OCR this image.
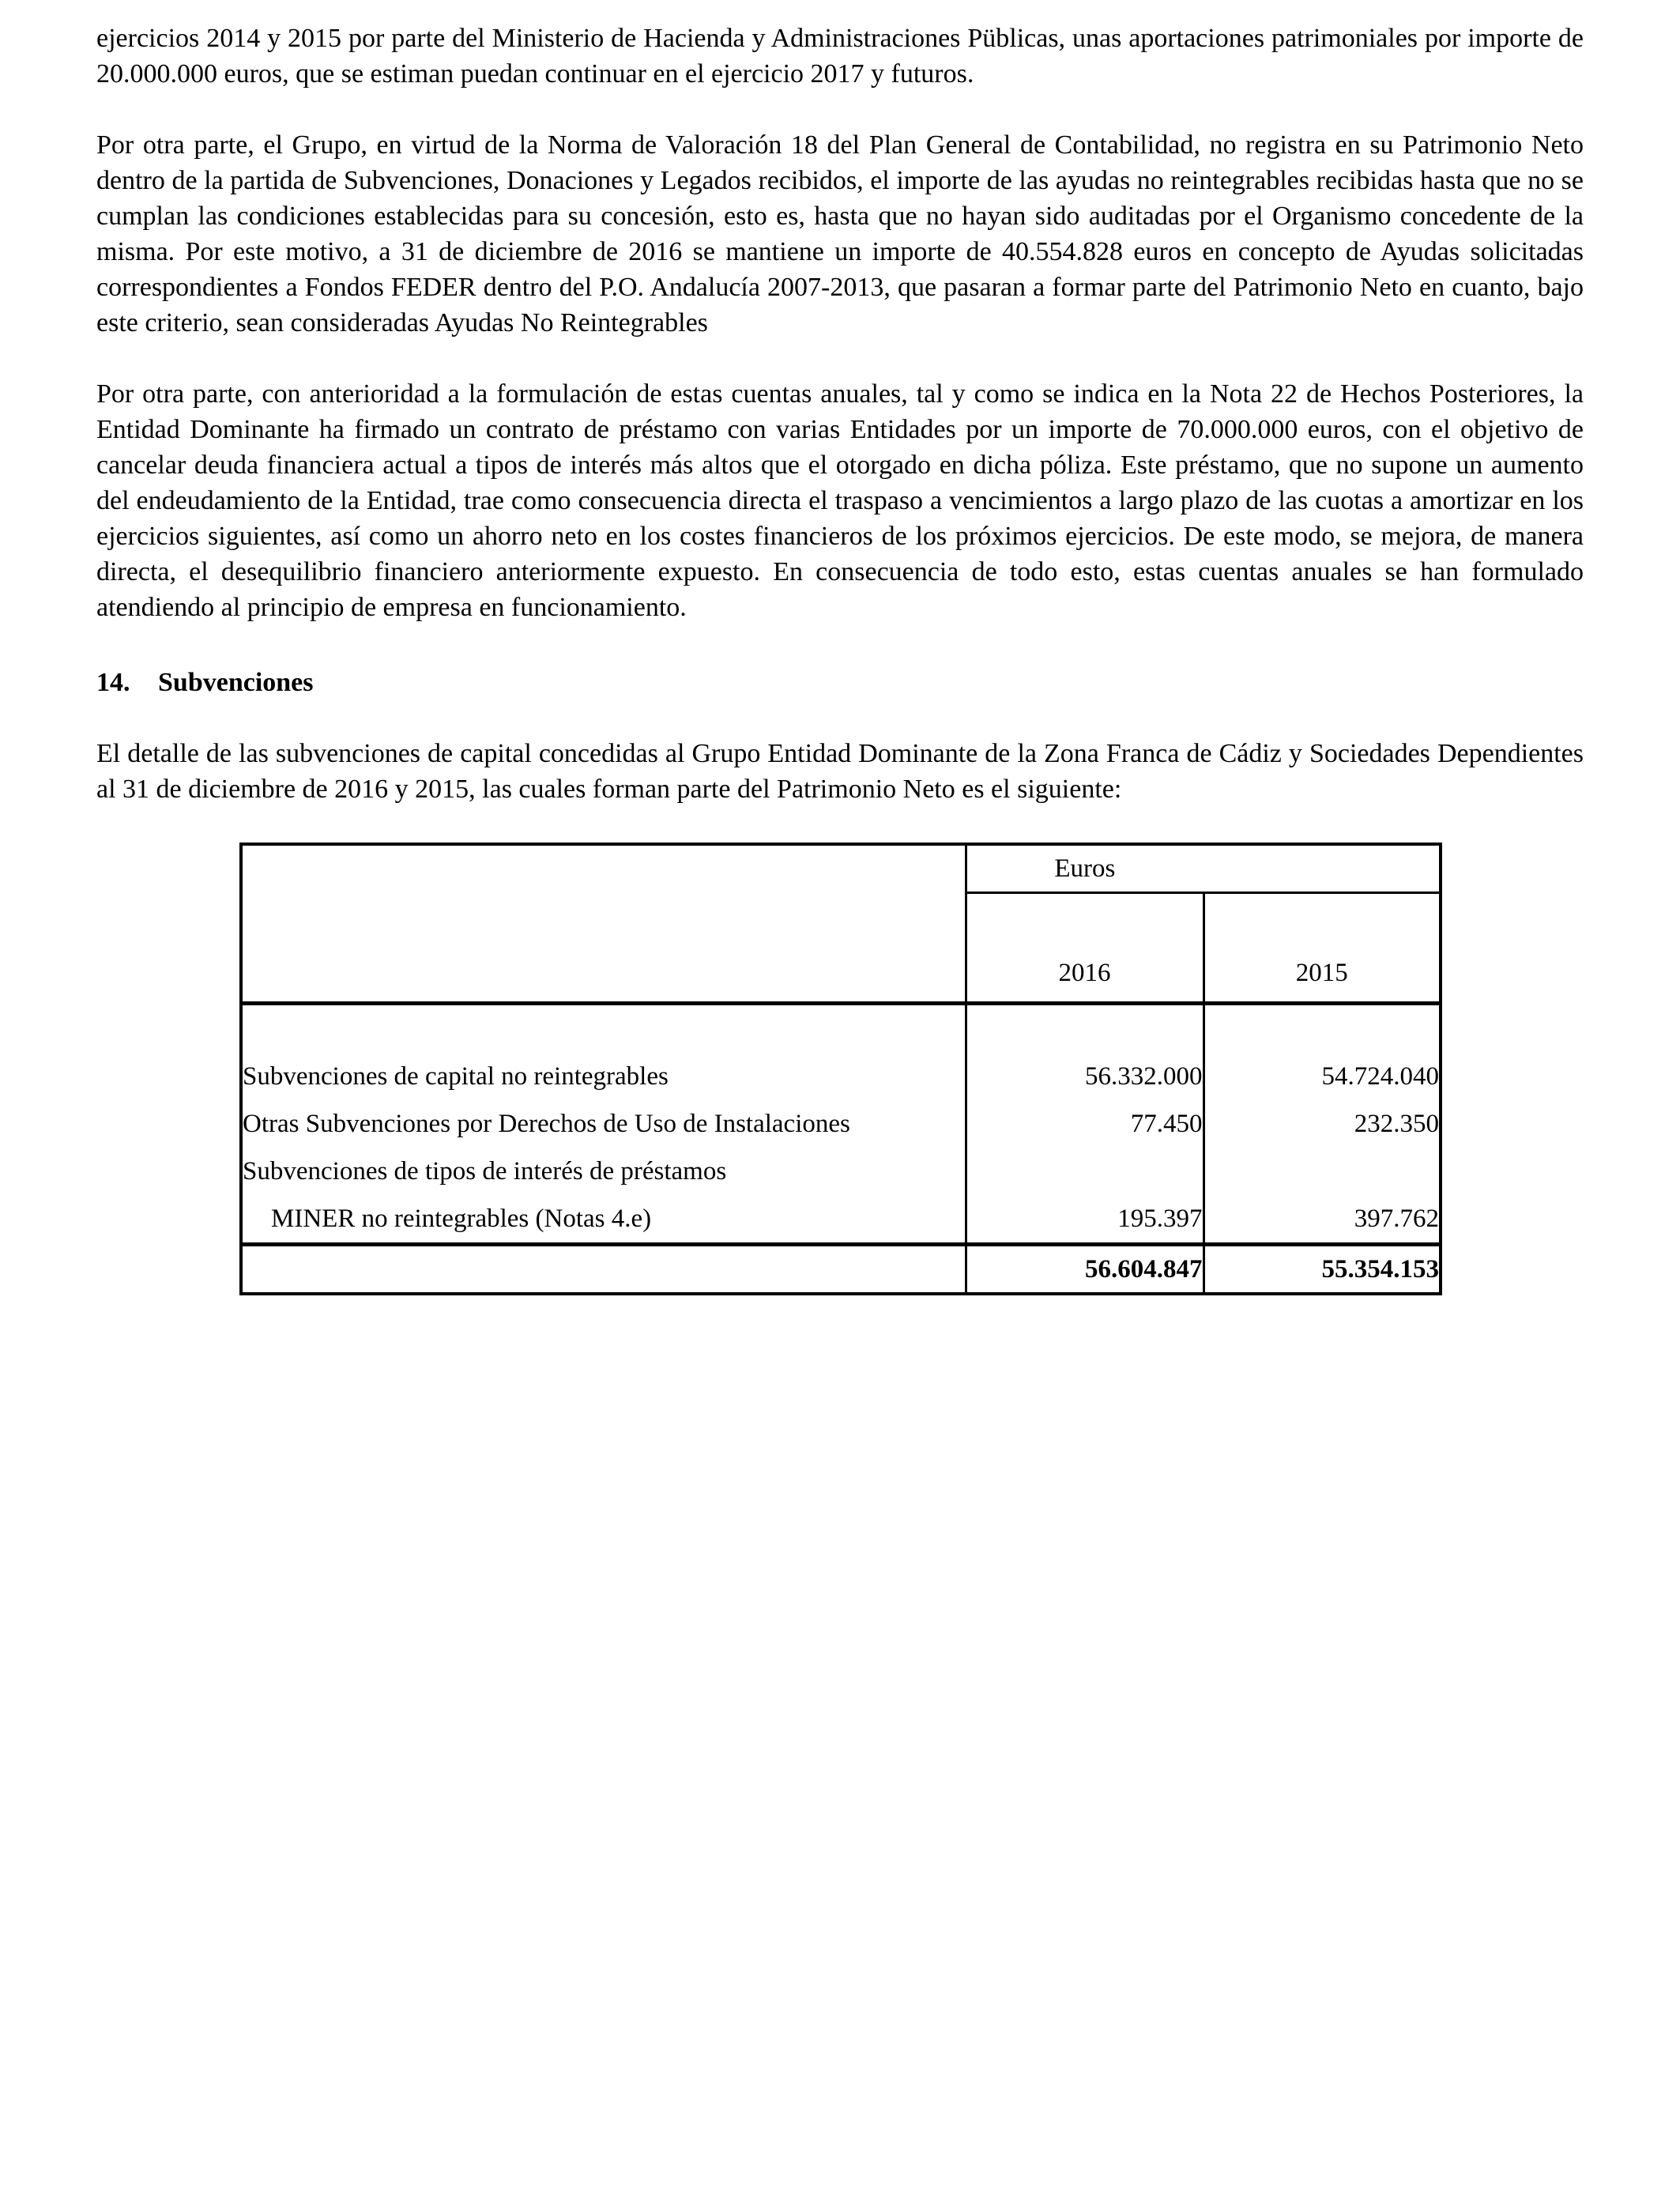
ejercicios 2014 y 2015 por parte del Ministerio de Hacienda y Administraciones Püblicas, unas aportaciones patrimoniales por importe de 20.000.000 euros, que se estiman puedan continuar en el ejercicio 2017 y futuros.

Por otra parte, el Grupo, en virtud de la Norma de Valoración 18 del Plan General de Contabilidad, no registra en su Patrimonio Neto dentro de la partida de Subvenciones, Donaciones y Legados recibidos, el importe de las ayudas no reintegrables recibidas hasta que no se cumplan las condiciones establecidas para su concesión, esto es, hasta que no hayan sido auditadas por el Organismo concedente de la misma. Por este motivo, a 31 de diciembre de 2016 se mantiene un importe de 40.554.828 euros en concepto de Ayudas solicitadas correspondientes a Fondos FEDER dentro del P.O. Andalucía 2007-2013, que pasaran a formar parte del Patrimonio Neto en cuanto, bajo este criterio, sean consideradas Ayudas No Reintegrables

Por otra parte, con anterioridad a la formulación de estas cuentas anuales, tal y como se indica en la Nota 22 de Hechos Posteriores, la Entidad Dominante ha firmado un contrato de préstamo con varias Entidades por un importe de 70.000.000 euros, con el objetivo de cancelar deuda financiera actual a tipos de interés más altos que el otorgado en dicha póliza. Este préstamo, que no supone un aumento del endeudamiento de la Entidad, trae como consecuencia directa el traspaso a vencimientos a largo plazo de las cuotas a amortizar en los ejercicios siguientes, así como un ahorro neto en los costes financieros de los próximos ejercicios. De este modo, se mejora, de manera directa, el desequilibrio financiero anteriormente expuesto. En consecuencia de todo esto, estas cuentas anuales se han formulado atendiendo al principio de empresa en funcionamiento.

14. Subvenciones

El detalle de las subvenciones de capital concedidas al Grupo Entidad Dominante de la Zona Franca de Cádiz y Sociedades Dependientes al 31 de diciembre de 2016 y 2015, las cuales forman parte del Patrimonio Neto es el siguiente:

	Euros	
	2016	2015

Subvenciones de capital no reintegrables	56.332.000	54.724.040
Otras Subvenciones por Derechos de Uso de Instalaciones	77.450	232.350
Subvenciones de tipos de interés de préstamos		
MINER no reintegrables (Notas 4.e)	195.397	397.762
	56.604.847	55.354.153
